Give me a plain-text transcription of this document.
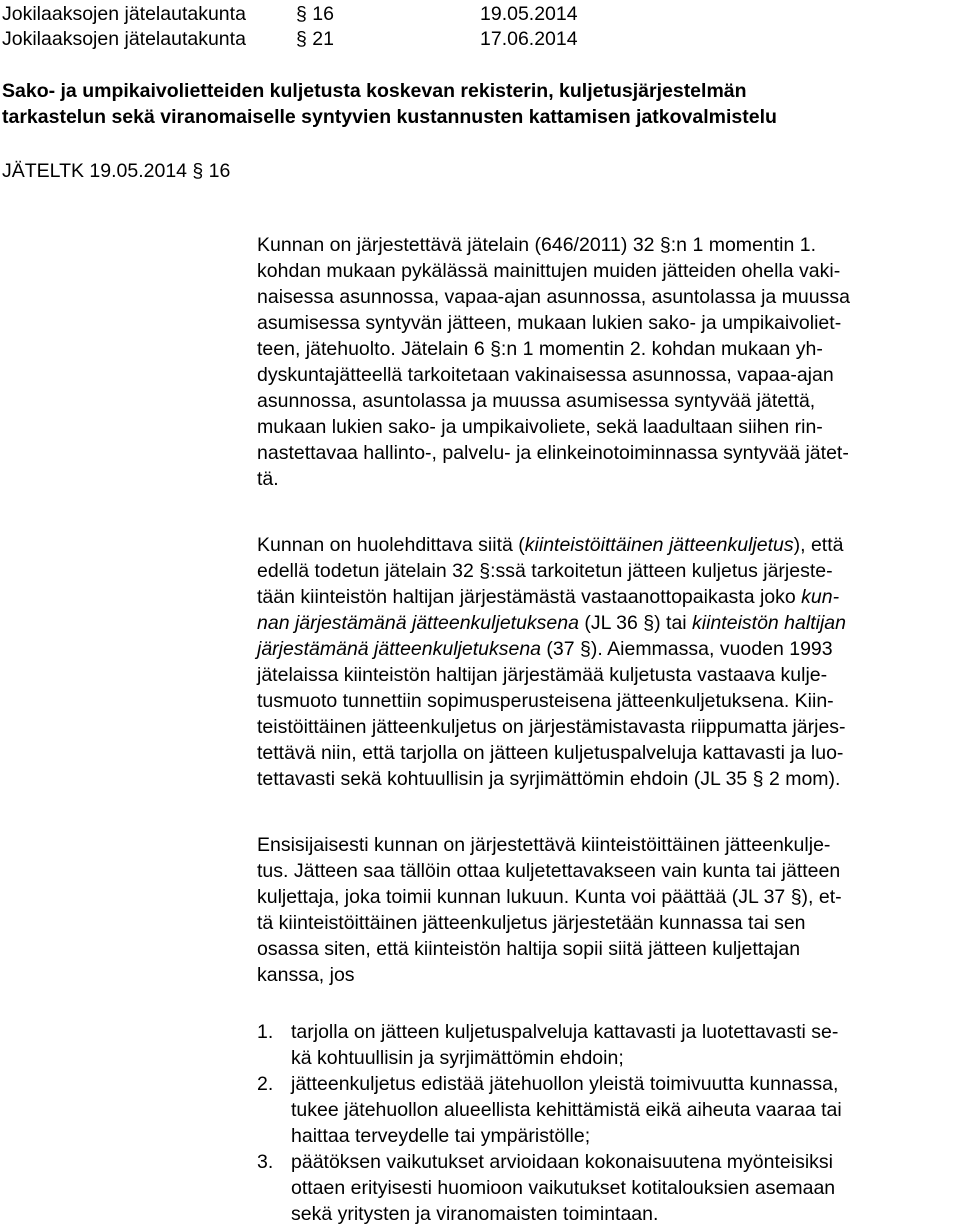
Jokilaaksojen jätelautakunta	§ 16	19.05.2014
Jokilaaksojen jätelautakunta	§ 21	17.06.2014
Sako- ja umpikaivolietteiden kuljetusta koskevan rekisterin, kuljetusjärjestelmän
tarkastelun sekä viranomaiselle syntyvien kustannusten kattamisen jatkovalmistelu
JÄTELTK 19.05.2014 § 16
Kunnan on järjestettävä jätelain (646/2011) 32 §:n 1 momentin 1.
kohdan mukaan pykälässä mainittujen muiden jätteiden ohella vaki-
naisessa asunnossa, vapaa-ajan asunnossa, asuntolassa ja muussa
asumisessa syntyvän jätteen, mukaan lukien sako- ja umpikaivoliet-
teen, jätehuolto. Jätelain 6 §:n 1 momentin 2. kohdan mukaan yh-
dyskuntajätteellä tarkoitetaan vakinaisessa asunnossa, vapaa-ajan
asunnossa, asuntolassa ja muussa asumisessa syntyvää jätettä,
mukaan lukien sako- ja umpikaivoliete, sekä laadultaan siihen rin-
nastettavaa hallinto-, palvelu- ja elinkeinotoiminnassa syntyvää jätet-
tä.
Kunnan on huolehdittava siitä (kiinteistöittäinen jätteenkuljetus), että
edellä todetun jätelain 32 §:ssä tarkoitetun jätteen kuljetus järjeste-
tään kiinteistön haltijan järjestämästä vastaanottopaikasta joko kun-
nan järjestämänä jätteenkuljetuksena (JL 36 §) tai kiinteistön haltijan
järjestämänä jätteenkuljetuksena (37 §). Aiemmassa, vuoden 1993
jätelaissa kiinteistön haltijan järjestämää kuljetusta vastaava kulje-
tusmuoto tunnettiin sopimusperusteisena jätteenkuljetuksena. Kiin-
teistöittäinen jätteenkuljetus on järjestämistavasta riippumatta järjes-
tettävä niin, että tarjolla on jätteen kuljetuspalveluja kattavasti ja luo-
tettavasti sekä kohtuullisin ja syrjimättömin ehdoin (JL 35 § 2 mom).
Ensisijaisesti kunnan on järjestettävä kiinteistöittäinen jätteenkulje-
tus. Jätteen saa tällöin ottaa kuljetettavakseen vain kunta tai jätteen
kuljettaja, joka toimii kunnan lukuun. Kunta voi päättää (JL 37 §), et-
tä kiinteistöittäinen jätteenkuljetus järjestetään kunnassa tai sen
osassa siten, että kiinteistön haltija sopii siitä jätteen kuljettajan
kanssa, jos
1. tarjolla on jätteen kuljetuspalveluja kattavasti ja luotettavasti se-
kä kohtuullisin ja syrjimättömin ehdoin;
2. jätteenkuljetus edistää jätehuollon yleistä toimivuutta kunnassa,
tukee jätehuollon alueellista kehittämistä eikä aiheuta vaaraa tai
haittaa terveydelle tai ympäristölle;
3. päätöksen vaikutukset arvioidaan kokonaisuutena myönteisiksi
ottaen erityisesti huomioon vaikutukset kotitalouksien asemaan
sekä yritysten ja viranomaisten toimintaan.
